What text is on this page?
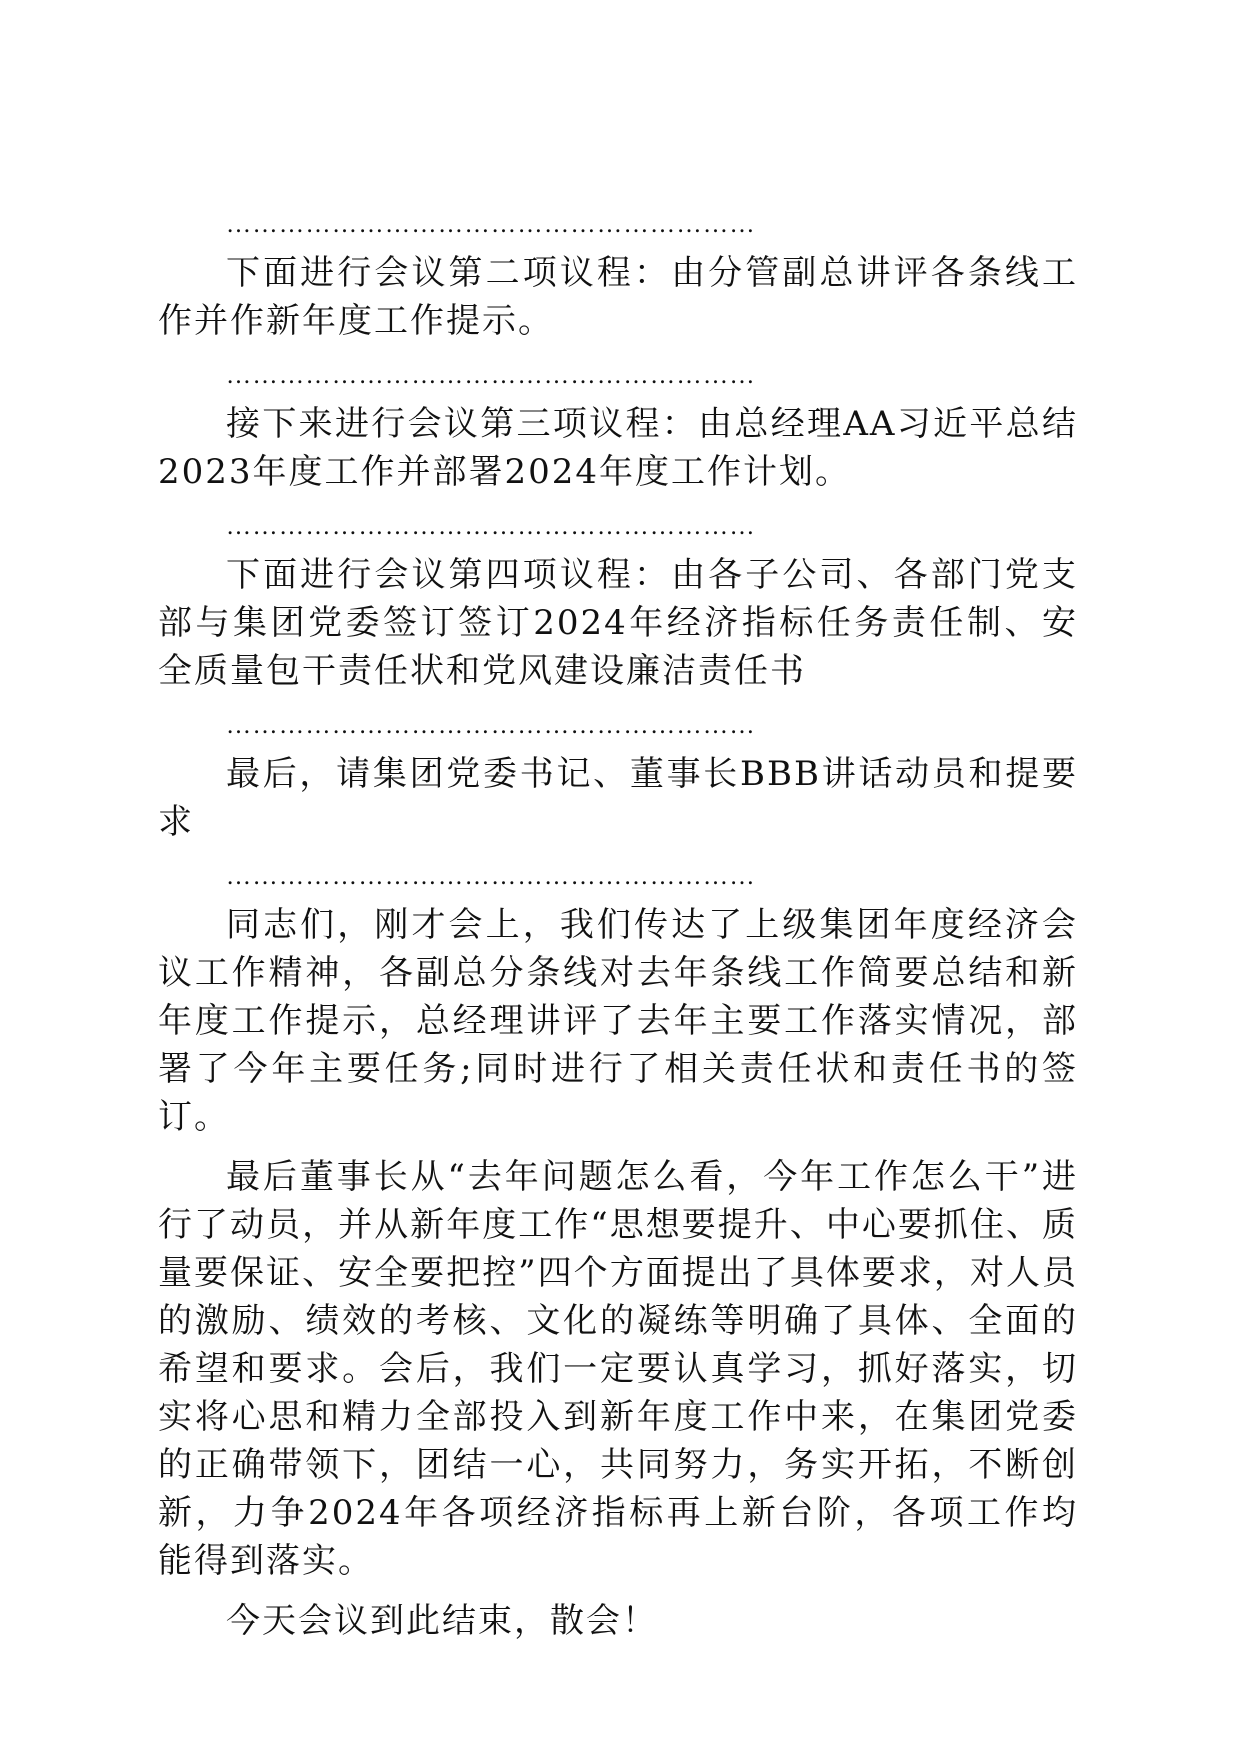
……………………………………………………

下面进行会议第二项议程：由分管副总讲评各条线工作并作新年度工作提示。

……………………………………………………

接下来进行会议第三项议程：由总经理AA习近平总结2023年度工作并部署2024年度工作计划。

……………………………………………………

下面进行会议第四项议程：由各子公司、各部门党支部与集团党委签订签订2024年经济指标任务责任制、安全质量包干责任状和党风建设廉洁责任书

……………………………………………………

最后，请集团党委书记、董事长BBB讲话动员和提要求

……………………………………………………

同志们，刚才会上，我们传达了上级集团年度经济会议工作精神，各副总分条线对去年条线工作简要总结和新年度工作提示，总经理讲评了去年主要工作落实情况，部署了今年主要任务;同时进行了相关责任状和责任书的签订。

最后董事长从“去年问题怎么看，今年工作怎么干”进行了动员，并从新年度工作“思想要提升、中心要抓住、质量要保证、安全要把控”四个方面提出了具体要求，对人员的激励、绩效的考核、文化的凝练等明确了具体、全面的希望和要求。会后，我们一定要认真学习，抓好落实，切实将心思和精力全部投入到新年度工作中来，在集团党委的正确带领下，团结一心，共同努力，务实开拓，不断创新，力争2024年各项经济指标再上新台阶，各项工作均能得到落实。

今天会议到此结束，散会！
